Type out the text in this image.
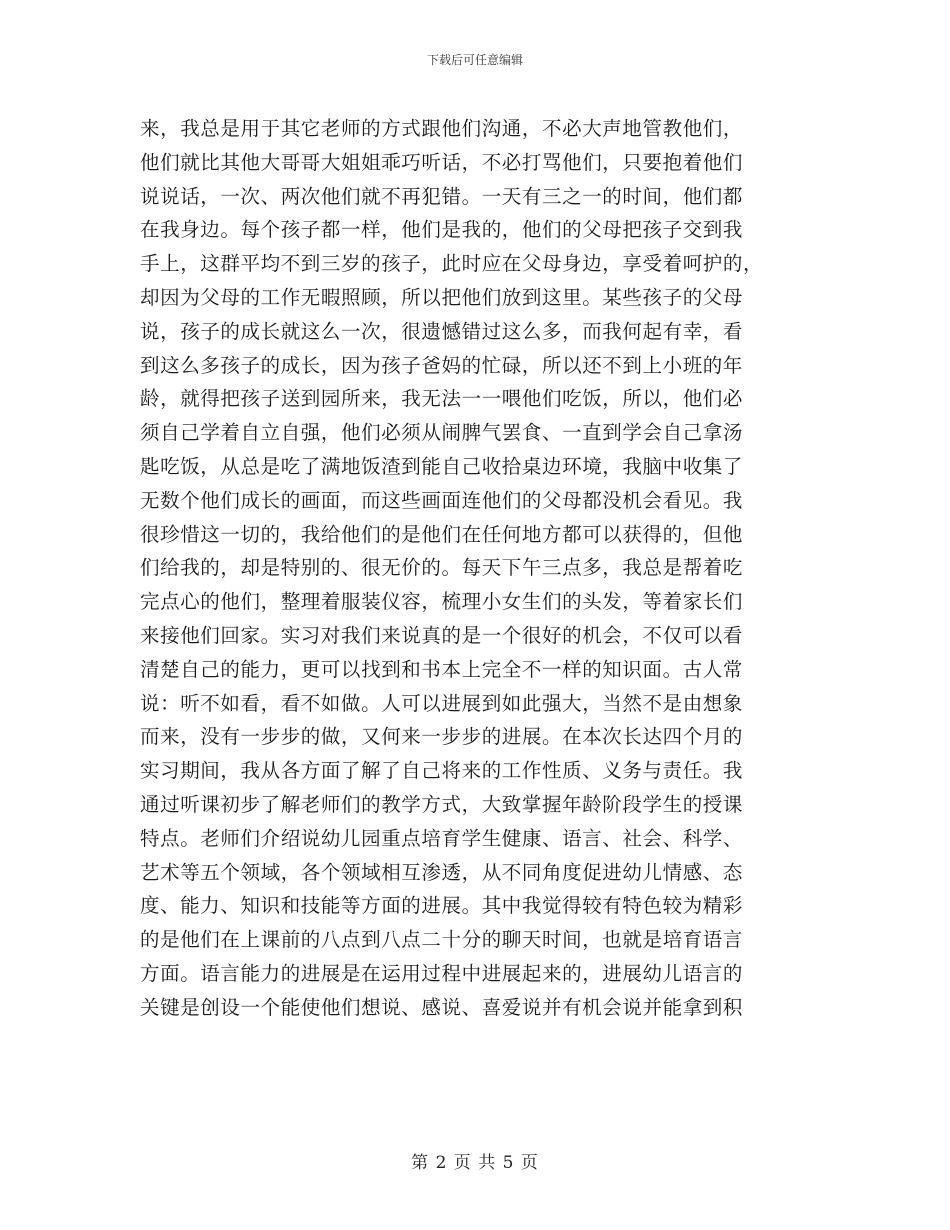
下载后可任意编辑
来，我总是用于其它老师的方式跟他们沟通，不必大声地管教他们，
他们就比其他大哥哥大姐姐乖巧听话，不必打骂他们，只要抱着他们
说说话，一次、两次他们就不再犯错。一天有三之一的时间，他们都
在我身边。每个孩子都一样，他们是我的，他们的父母把孩子交到我
手上，这群平均不到三岁的孩子，此时应在父母身边，享受着呵护的，
却因为父母的工作无暇照顾，所以把他们放到这里。某些孩子的父母
说，孩子的成长就这么一次，很遗憾错过这么多，而我何起有幸，看
到这么多孩子的成长，因为孩子爸妈的忙碌，所以还不到上小班的年
龄，就得把孩子送到园所来，我无法一一喂他们吃饭，所以，他们必
须自己学着自立自强，他们必须从闹脾气罢食、一直到学会自己拿汤
匙吃饭，从总是吃了满地饭渣到能自己收拾桌边环境，我脑中收集了
无数个他们成长的画面，而这些画面连他们的父母都没机会看见。我
很珍惜这一切的，我给他们的是他们在任何地方都可以获得的，但他
们给我的，却是特别的、很无价的。每天下午三点多，我总是帮着吃
完点心的他们，整理着服装仪容，梳理小女生们的头发，等着家长们
来接他们回家。实习对我们来说真的是一个很好的机会，不仅可以看
清楚自己的能力，更可以找到和书本上完全不一样的知识面。古人常
说：听不如看，看不如做。人可以进展到如此强大，当然不是由想象
而来，没有一步步的做，又何来一步步的进展。在本次长达四个月的
实习期间，我从各方面了解了自己将来的工作性质、义务与责任。我
通过听课初步了解老师们的教学方式，大致掌握年龄阶段学生的授课
特点。老师们介绍说幼儿园重点培育学生健康、语言、社会、科学、
艺术等五个领域，各个领域相互渗透，从不同角度促进幼儿情感、态
度、能力、知识和技能等方面的进展。其中我觉得较有特色较为精彩
的是他们在上课前的八点到八点二十分的聊天时间，也就是培育语言
方面。语言能力的进展是在运用过程中进展起来的，进展幼儿语言的
关键是创设一个能使他们想说、感说、喜爱说并有机会说并能拿到积
第 2 页 共 5 页
